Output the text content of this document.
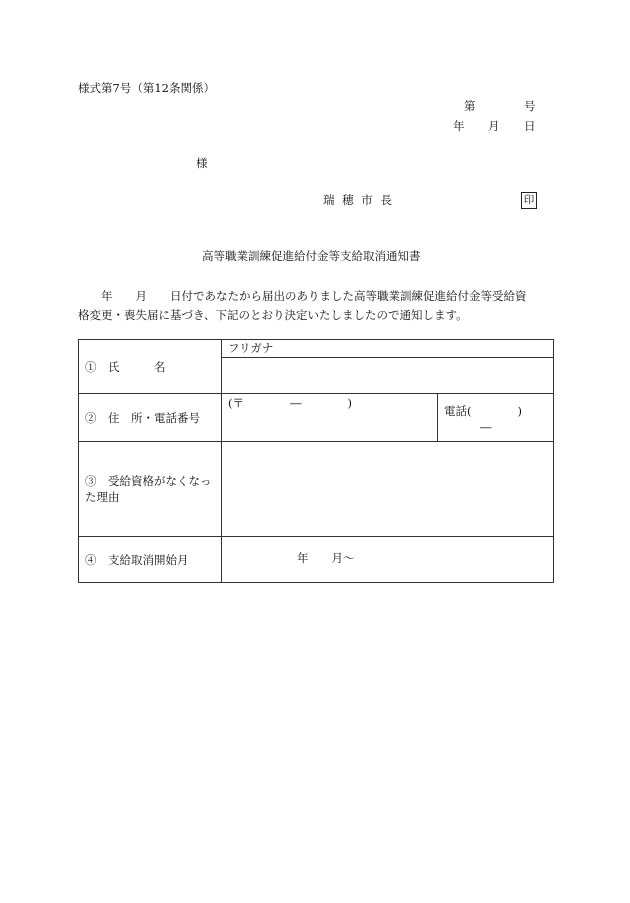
様式第7号（第12条関係）
第	号
年 月 日
様
瑞 穂 市 長	印
高等職業訓練促進給付金等支給取消通知書
　　年　　月　　日付であなたから届出のありました高等職業訓練促進給付金等受給資
格変更・喪失届に基づき、下記のとおり決定いたしましたので通知します。
①　氏　　　名	フリガナ	

②　住　所・電話番号	(〒　　　　―　　　　)	電話(　　　　)
―

③　受給資格がなくなっ
た理由		

④　支給取消開始月	年　　月～	
